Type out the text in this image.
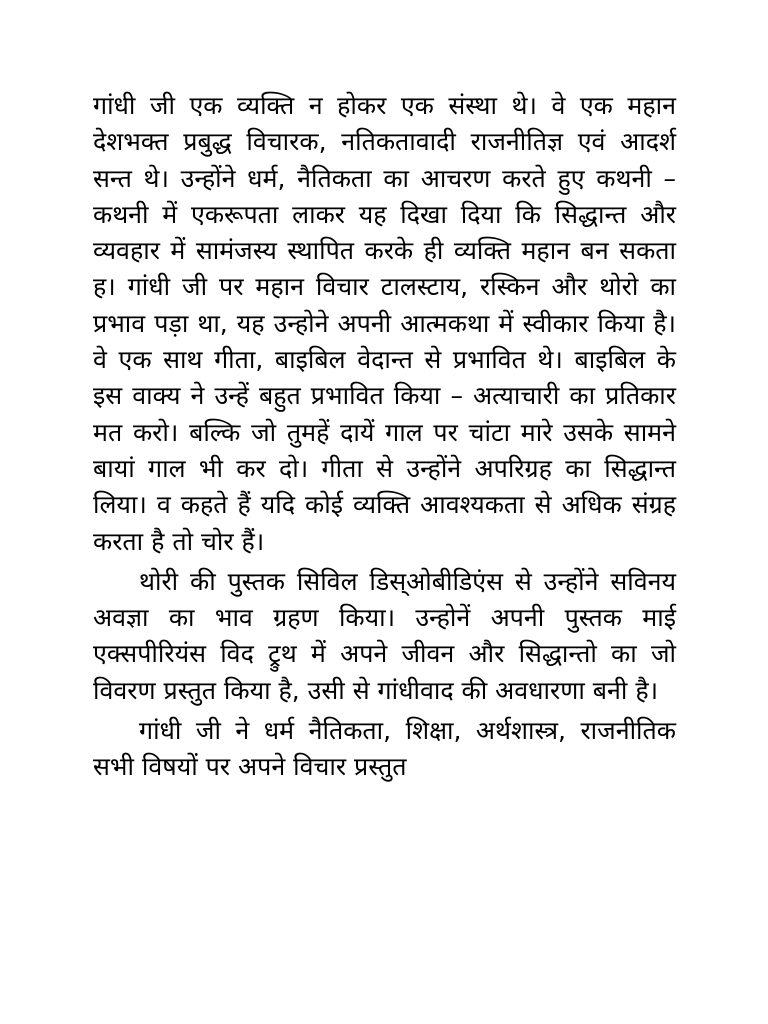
गांधी जी एक व्यक्ति न होकर एक संस्था थे। वे एक महान देशभक्त प्रबुद्ध विचारक, नतिकतावादी राजनीतिज्ञ एवं आदर्श सन्त थे। उन्होंने धर्म, नैतिकता का आचरण करते हुए कथनी – कथनी में एकरूपता लाकर यह दिखा दिया कि सिद्धान्त और व्यवहार में सामंजस्य स्थापित करके ही व्यक्ति महान बन सकता ह। गांधी जी पर महान विचार टालस्टाय, रस्किन और थोरो का प्रभाव पड़ा था, यह उन्होने अपनी आत्मकथा में स्वीकार किया है। वे एक साथ गीता, बाइबिल वेदान्त से प्रभावित थे। बाइबिल के इस वाक्य ने उन्हें बहुत प्रभावित किया – अत्याचारी का प्रतिकार मत करो। बल्कि जो तुमहें दायें गाल पर चांटा मारे उसके सामने बायां गाल भी कर दो। गीता से उन्होंने अपरिग्रह का सिद्धान्त लिया। व कहते हैं यदि कोई व्यक्ति आवश्यकता से अधिक संग्रह करता है तो चोर हैं।

थोरी की पुस्तक सिविल डिस्ओबीडिएंस से उन्होंने सविनय अवज्ञा का भाव ग्रहण किया। उन्होनें अपनी पुस्तक माई एक्सपीरियंस विद ट्रुथ में अपने जीवन और सिद्धान्तो का जो विवरण प्रस्तुत किया है, उसी से गांधीवाद की अवधारणा बनी है।

गांधी जी ने धर्म नैतिकता, शिक्षा, अर्थशास्त्र, राजनीतिक सभी विषयों पर अपने विचार प्रस्तुत
